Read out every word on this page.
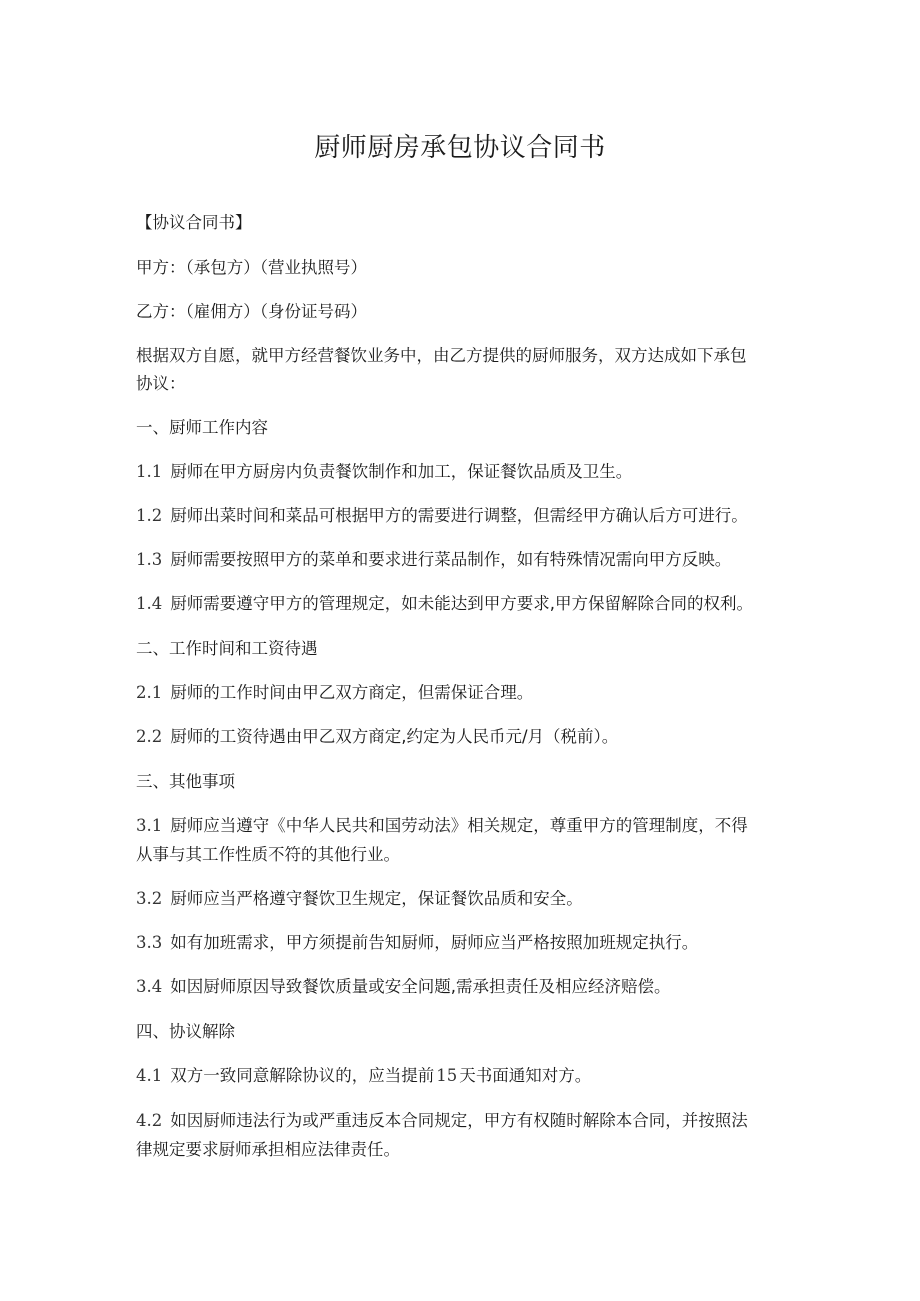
厨师厨房承包协议合同书

【协议合同书】

甲方：（承包方）（营业执照号）

乙方：（雇佣方）（身份证号码）

根据双方自愿，就甲方经营餐饮业务中，由乙方提供的厨师服务，双方达成如下承包

协议：

一、厨师工作内容

1.1 厨师在甲方厨房内负责餐饮制作和加工，保证餐饮品质及卫生。

1.2 厨师出菜时间和菜品可根据甲方的需要进行调整，但需经甲方确认后方可进行。

1.3 厨师需要按照甲方的菜单和要求进行菜品制作，如有特殊情况需向甲方反映。

1.4 厨师需要遵守甲方的管理规定，如未能达到甲方要求,甲方保留解除合同的权利。

二、工作时间和工资待遇

2.1 厨师的工作时间由甲乙双方商定，但需保证合理。

2.2 厨师的工资待遇由甲乙双方商定,约定为人民币元/月（税前）。

三、其他事项

3.1 厨师应当遵守《中华人民共和国劳动法》相关规定，尊重甲方的管理制度，不得

从事与其工作性质不符的其他行业。

3.2 厨师应当严格遵守餐饮卫生规定，保证餐饮品质和安全。

3.3 如有加班需求，甲方须提前告知厨师，厨师应当严格按照加班规定执行。

3.4 如因厨师原因导致餐饮质量或安全问题,需承担责任及相应经济赔偿。

四、协议解除

4.1 双方一致同意解除协议的，应当提前 15 天书面通知对方。

4.2 如因厨师违法行为或严重违反本合同规定，甲方有权随时解除本合同，并按照法

律规定要求厨师承担相应法律责任。
